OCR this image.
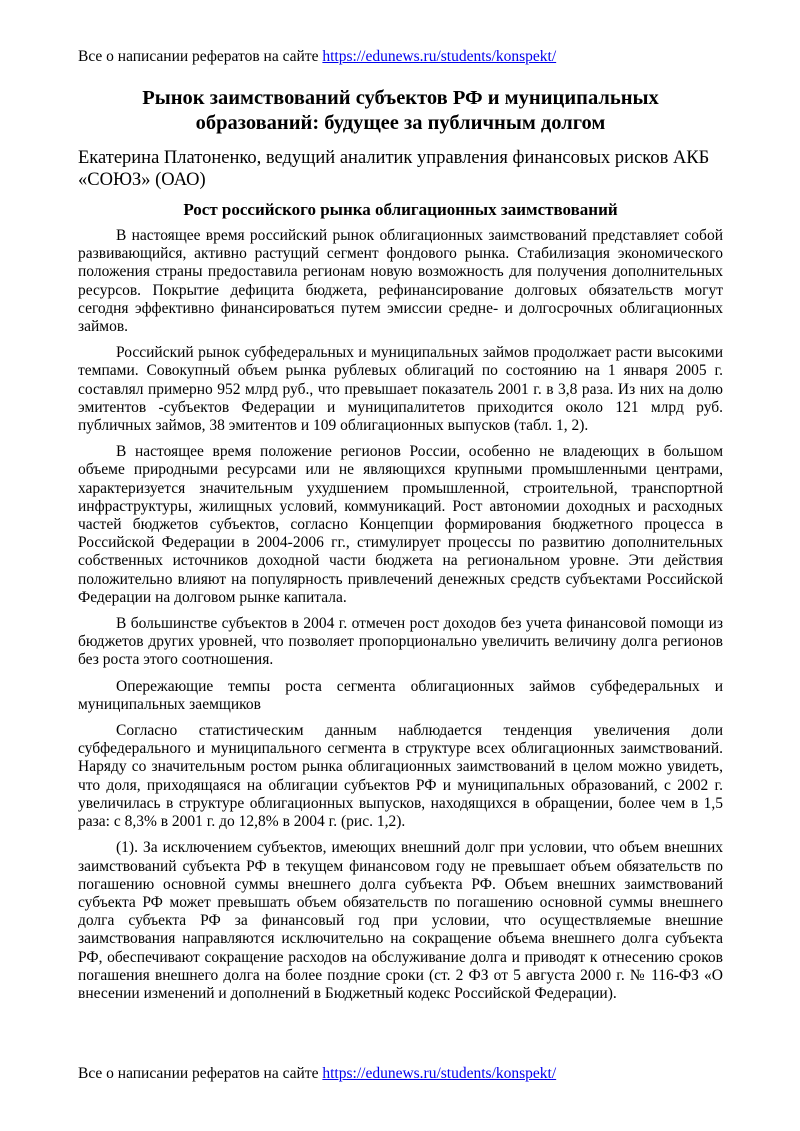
Все о написании рефератов на сайте https://edunews.ru/students/konspekt/
Рынок заимствований субъектов РФ и муниципальных образований: будущее за публичным долгом
Екатерина Платоненко, ведущий аналитик управления финансовых рисков АКБ «СОЮЗ» (ОАО)
Рост российского рынка облигационных заимствований

В настоящее время российский рынок облигационных заимствований представляет собой развивающийся, активно растущий сегмент фондового рынка. Стабилизация экономического положения страны предоставила регионам новую возможность для получения дополнительных ресурсов. Покрытие дефицита бюджета, рефинансирование долговых обязательств могут сегодня эффективно финансироваться путем эмиссии средне- и долгосрочных облигационных займов.

Российский рынок субфедеральных и муниципальных займов продолжает расти высокими темпами. Совокупный объем рынка рублевых облигаций по состоянию на 1 января 2005 г. составлял примерно 952 млрд руб., что превышает показатель 2001 г. в 3,8 раза. Из них на долю эмитентов -субъектов Федерации и муниципалитетов приходится около 121 млрд руб. публичных займов, 38 эмитентов и 109 облигационных выпусков (табл. 1, 2).

В настоящее время положение регионов России, особенно не владеющих в большом объеме природными ресурсами или не являющихся крупными промышленными центрами, характеризуется значительным ухудшением промышленной, строительной, транспортной инфраструктуры, жилищных условий, коммуникаций. Рост автономии доходных и расходных частей бюджетов субъектов, согласно Концепции формирования бюджетного процесса в Российской Федерации в 2004-2006 гг., стимулирует процессы по развитию дополнительных собственных источников доходной части бюджета на региональном уровне. Эти действия положительно влияют на популярность привлечений денежных средств субъектами Российской Федерации на долговом рынке капитала.

В большинстве субъектов в 2004 г. отмечен рост доходов без учета финансовой помощи из бюджетов других уровней, что позволяет пропорционально увеличить величину долга регионов без роста этого соотношения.

Опережающие темпы роста сегмента облигационных займов субфедеральных и муниципальных заемщиков

Согласно статистическим данным наблюдается тенденция увеличения доли субфедерального и муниципального сегмента в структуре всех облигационных заимствований. Наряду со значительным ростом рынка облигационных заимствований в целом можно увидеть, что доля, приходящаяся на облигации субъектов РФ и муниципальных образований, с 2002 г. увеличилась в структуре облигационных выпусков, находящихся в обращении, более чем в 1,5 раза: с 8,3% в 2001 г. до 12,8% в 2004 г. (рис. 1,2).

(1). За исключением субъектов, имеющих внешний долг при условии, что объем внешних заимствований субъекта РФ в текущем финансовом году не превышает объем обязательств по погашению основной суммы внешнего долга субъекта РФ. Объем внешних заимствований субъекта РФ может превышать объем обязательств по погашению основной суммы внешнего долга субъекта РФ за финансовый год при условии, что осуществляемые внешние заимствования направляются исключительно на сокращение объема внешнего долга субъекта РФ, обеспечивают сокращение расходов на обслуживание долга и приводят к отнесению сроков погашения внешнего долга на более поздние сроки (ст. 2 ФЗ от 5 августа 2000 г. № 116-ФЗ «О внесении изменений и дополнений в Бюджетный кодекс Российской Федерации).

Все о написании рефератов на сайте https://edunews.ru/students/konspekt/
